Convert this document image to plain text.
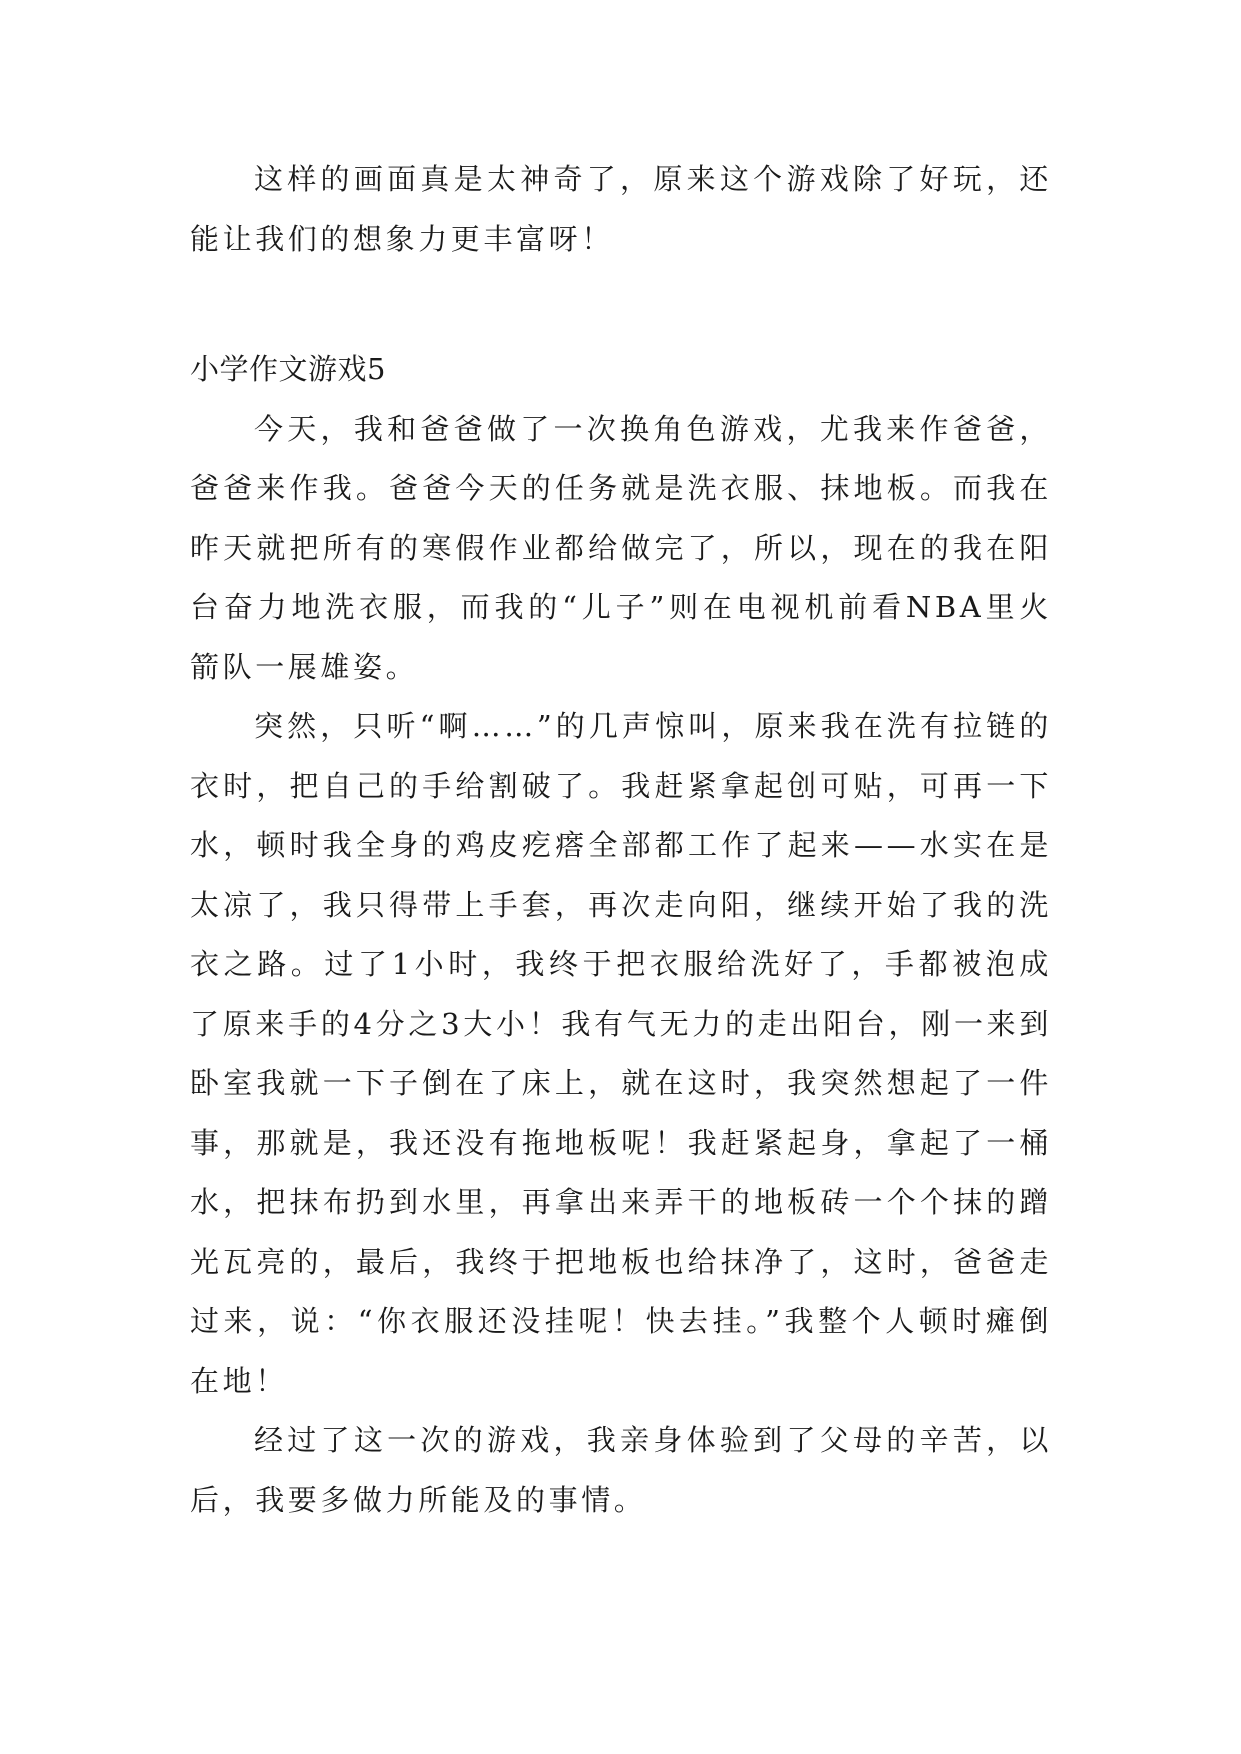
这样的画面真是太神奇了，原来这个游戏除了好玩，还能让我们的想象力更丰富呀！

小学作文游戏5

今天，我和爸爸做了一次换角色游戏，尤我来作爸爸，爸爸来作我。爸爸今天的任务就是洗衣服、抹地板。而我在昨天就把所有的寒假作业都给做完了，所以，现在的我在阳台奋力地洗衣服，而我的“儿子”则在电视机前看NBA里火箭队一展雄姿。

突然，只听“啊……”的几声惊叫，原来我在洗有拉链的衣时，把自己的手给割破了。我赶紧拿起创可贴，可再一下水，顿时我全身的鸡皮疙瘩全部都工作了起来——水实在是太凉了，我只得带上手套，再次走向阳，继续开始了我的洗衣之路。过了1小时，我终于把衣服给洗好了，手都被泡成了原来手的4分之3大小！我有气无力的走出阳台，刚一来到卧室我就一下子倒在了床上，就在这时，我突然想起了一件事，那就是，我还没有拖地板呢！我赶紧起身，拿起了一桶水，把抹布扔到水里，再拿出来弄干的地板砖一个个抹的蹭光瓦亮的，最后，我终于把地板也给抹净了，这时，爸爸走过来，说：“你衣服还没挂呢！快去挂。”我整个人顿时瘫倒在地！

经过了这一次的游戏，我亲身体验到了父母的辛苦，以后，我要多做力所能及的事情。
